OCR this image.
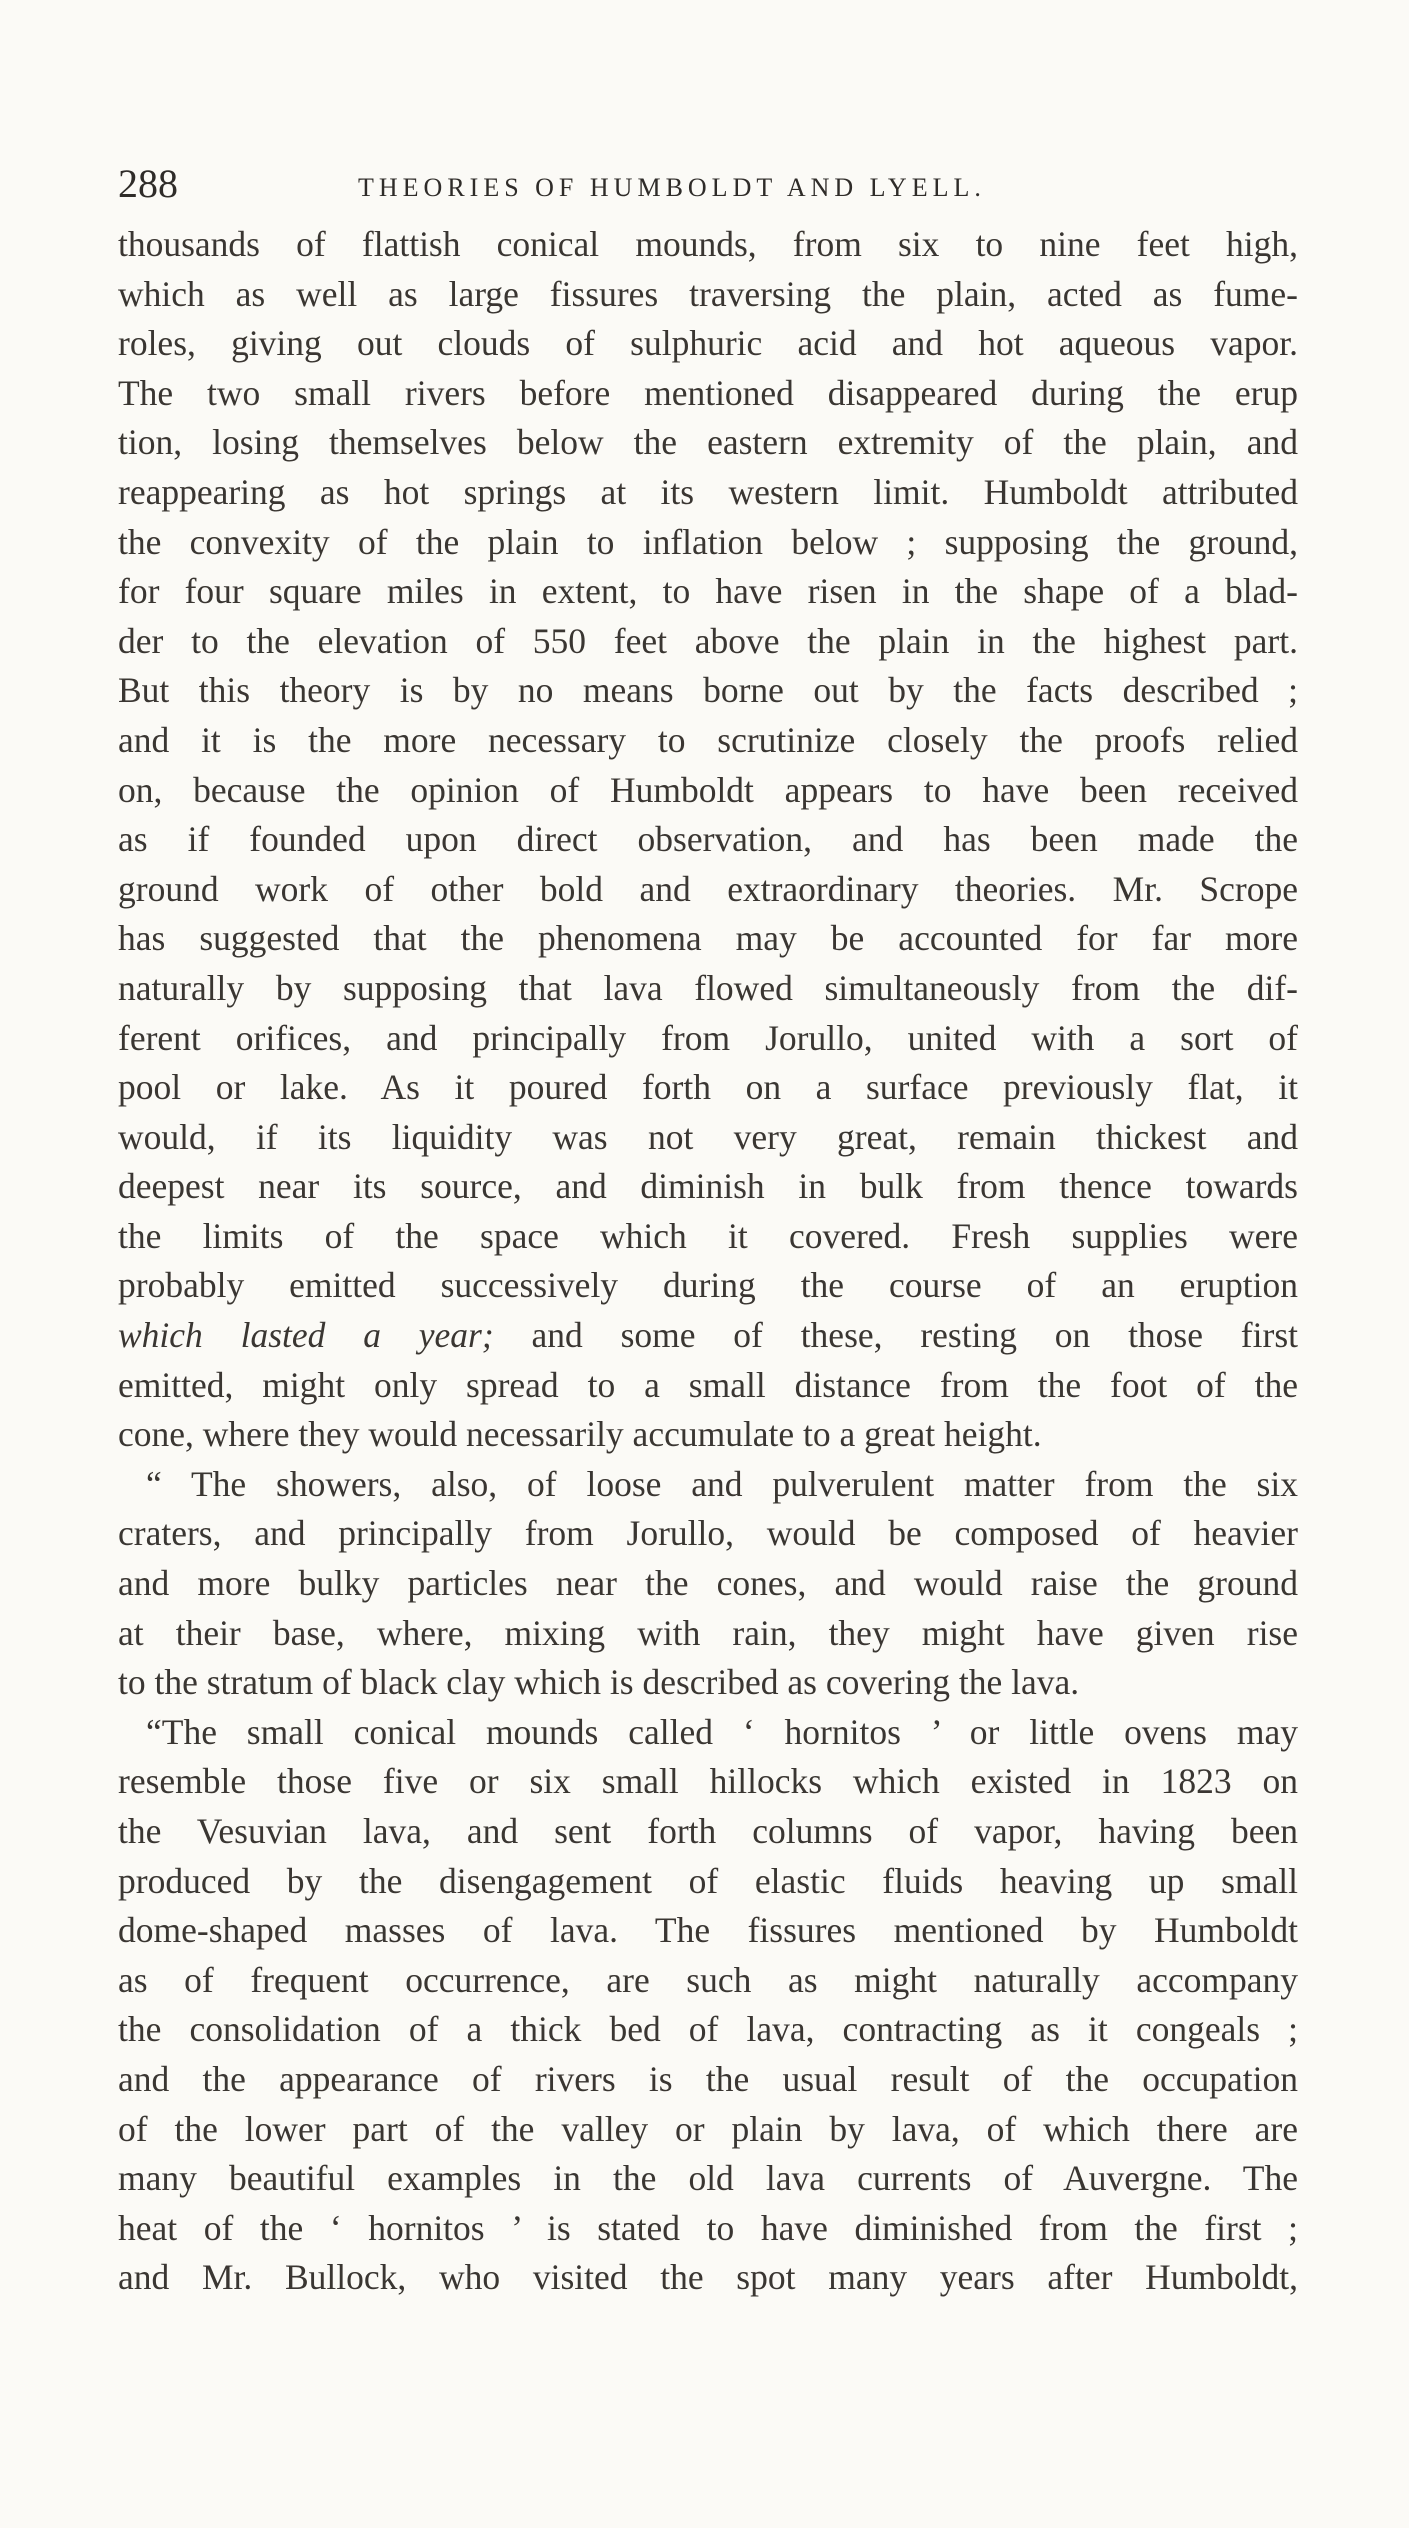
288	THEORIES OF HUMBOLDT AND LYELL.
thousands of flattish conical mounds, from six to nine feet high,
which as well as large fissures traversing the plain, acted as fume-
roles, giving out clouds of sulphuric acid and hot aqueous vapor.
The two small rivers before mentioned disappeared during the erup
tion, losing themselves below the eastern extremity of the plain, and
reappearing as hot springs at its western limit. Humboldt attributed
the convexity of the plain to inflation below ; supposing the ground,
for four square miles in extent, to have risen in the shape of a blad-
der to the elevation of 550 feet above the plain in the highest part.
But this theory is by no means borne out by the facts described ;
and it is the more necessary to scrutinize closely the proofs relied
on, because the opinion of Humboldt appears to have been received
as if founded upon direct observation, and has been made the
ground work of other bold and extraordinary theories. Mr. Scrope
has suggested that the phenomena may be accounted for far more
naturally by supposing that lava flowed simultaneously from the dif-
ferent orifices, and principally from Jorullo, united with a sort of
pool or lake. As it poured forth on a surface previously flat, it
would, if its liquidity was not very great, remain thickest and
deepest near its source, and diminish in bulk from thence towards
the limits of the space which it covered. Fresh supplies were
probably emitted successively during the course of an eruption
which lasted a year; and some of these, resting on those first
emitted, might only spread to a small distance from the foot of the
cone, where they would necessarily accumulate to a great height.
“ The showers, also, of loose and pulverulent matter from the six
craters, and principally from Jorullo, would be composed of heavier
and more bulky particles near the cones, and would raise the ground
at their base, where, mixing with rain, they might have given rise
to the stratum of black clay which is described as covering the lava.
“The small conical mounds called ‘ hornitos ’ or little ovens may
resemble those five or six small hillocks which existed in 1823 on
the Vesuvian lava, and sent forth columns of vapor, having been
produced by the disengagement of elastic fluids heaving up small
dome-shaped masses of lava. The fissures mentioned by Humboldt
as of frequent occurrence, are such as might naturally accompany
the consolidation of a thick bed of lava, contracting as it congeals ;
and the appearance of rivers is the usual result of the occupation
of the lower part of the valley or plain by lava, of which there are
many beautiful examples in the old lava currents of Auvergne. The
heat of the ‘ hornitos ’ is stated to have diminished from the first ;
and Mr. Bullock, who visited the spot many years after Humboldt,
